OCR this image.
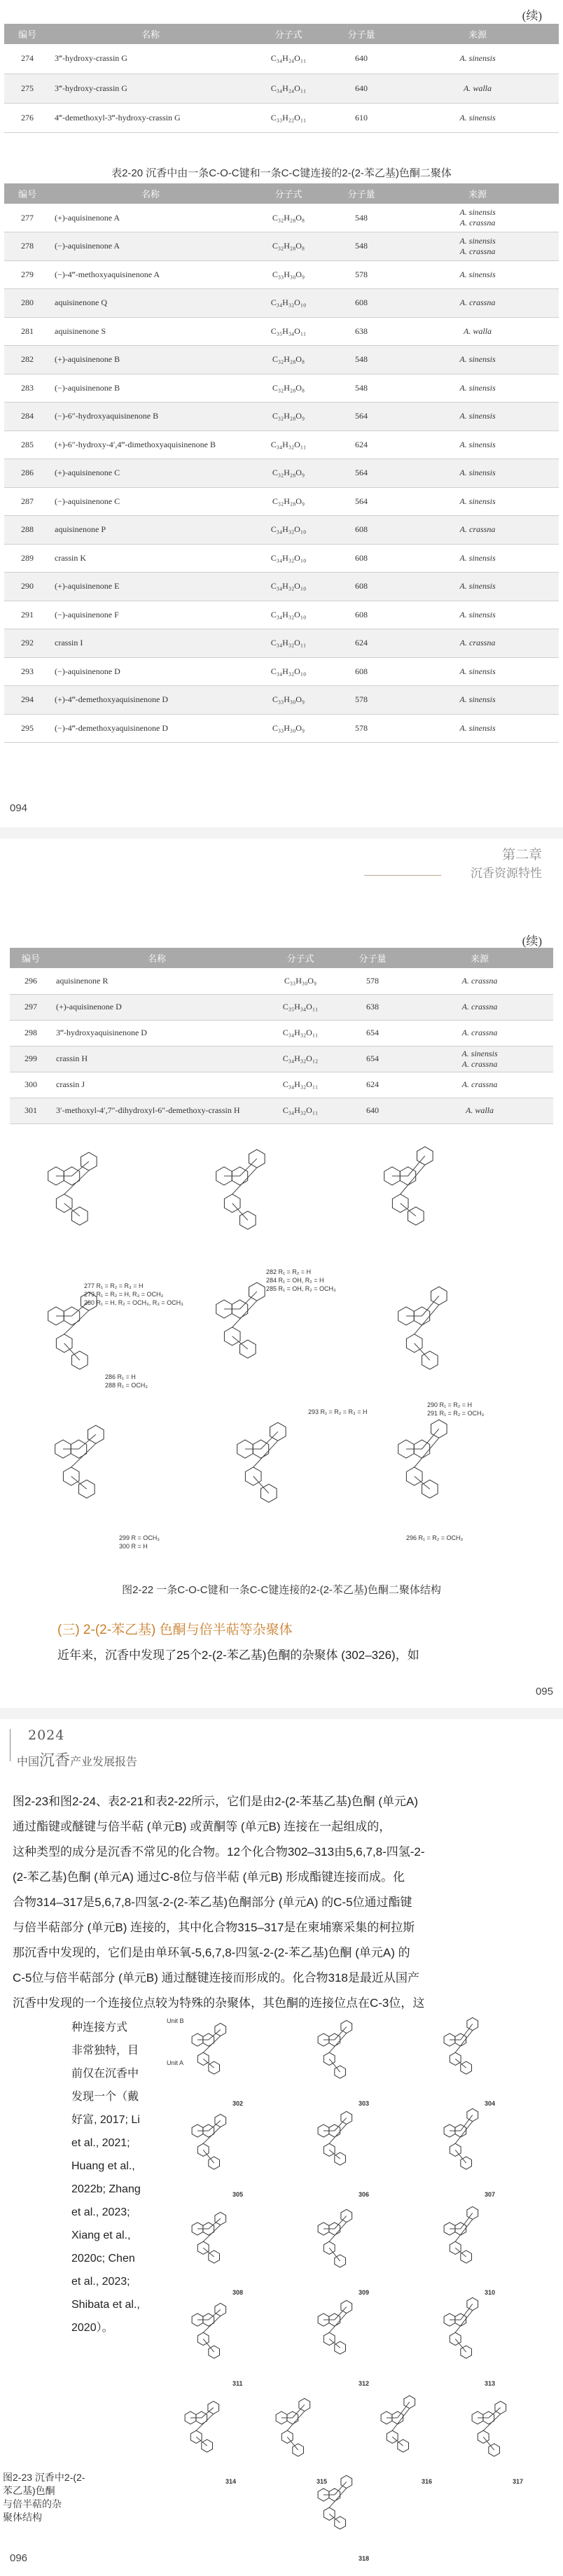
(续)
编号	名称	分子式	分子量	来源
274	3‴-hydroxy-crassin G	C₃₄H₂₄O₁₁	640	A. sinensis

275	3‴-hydroxy-crassin G	C₃₄H₂₄O₁₁	640	A. walla

276	4‴-demethoxyl-3‴-hydroxy-crassin G	C₃₃H₂₂O₁₁	610	A. sinensis
表2-20 沉香中由一条C-O-C键和一条C-C键连接的2-(2-苯乙基)色酮二聚体
编号	名称	分子式	分子量	来源
277	(+)-aquisinenone A	C₃₂H₂₈O₈	548	A. sinensis
A. crassna

278	(−)-aquisinenone A	C₃₂H₂₈O₈	548	A. sinensis
A. crassna

279	(−)-4‴-methoxyaquisinenone A	C₃₃H₃₀O₉	578	A. sinensis

280	aquisinenone Q	C₃₄H₃₂O₁₀	608	A. crassna

281	aquisinenone S	C₃₅H₃₄O₁₁	638	A. walla

282	(+)-aquisinenone B	C₃₂H₂₈O₈	548	A. sinensis

283	(−)-aquisinenone B	C₃₂H₂₈O₈	548	A. sinensis

284	(−)-6″-hydroxyaquisinenone B	C₃₂H₂₈O₉	564	A. sinensis

285	(+)-6″-hydroxy-4′,4‴-dimethoxyaquisinenone B	C₃₄H₃₂O₁₁	624	A. sinensis

286	(+)-aquisinenone C	C₃₂H₂₈O₉	564	A. sinensis

287	(−)-aquisinenone C	C₃₂H₂₈O₉	564	A. sinensis

288	aquisinenone P	C₃₄H₃₂O₁₀	608	A. crassna

289	crassin K	C₃₄H₃₂O₁₀	608	A. sinensis

290	(+)-aquisinenone E	C₃₄H₃₂O₁₀	608	A. sinensis

291	(−)-aquisinenone F	C₃₄H₃₂O₁₀	608	A. sinensis

292	crassin I	C₃₄H₃₂O₁₁	624	A. crassna

293	(−)-aquisinenone D	C₃₄H₃₂O₁₀	608	A. sinensis

294	(+)-4‴-demethoxyaquisinenone D	C₃₃H₃₀O₉	578	A. sinensis

295	(−)-4‴-demethoxyaquisinenone D	C₃₃H₃₀O₉	578	A. sinensis
094
第二章
沉香资源特性
(续)
编号	名称	分子式	分子量	来源
296	aquisinenone R	C₃₃H₃₀O₉	578	A. crassna

297	(+)-aquisinenone D	C₃₅H₃₄O₁₁	638	A. crassna

298	3‴-hydroxyaquisinenone D	C₃₄H₃₂O₁₁	654	A. crassna

299	crassin H	C₃₄H₃₂O₁₂	654	A. sinensis
A. crassna

300	crassin J	C₃₄H₃₂O₁₁	624	A. crassna

301	3′-methoxyl-4′,7″-dihydroxyl-6″-demethoxy-crassin H	C₃₄H₃₂O₁₁	640	A. walla
277 R₁ = R₂ = R₃ = H
279 R₁ = R₂ = H, R₃ = OCH₃
280 R₁ = H, R₂ = OCH₃, R₃ = OCH₃
282 R₁ = R₂ = H
284 R₁ = OH, R₂ = H
285 R₁ = OH, R₂ = OCH₃
286 R₁ = H
288 R₁ = OCH₃
290 R₁ = R₂ = H
291 R₁ = R₂ = OCH₃
293 R₁ = R₂ = R₃ = H
296 R₁ = R₂ = OCH₃
299 R = OCH₃
300 R = H
图2-22 一条C-O-C键和一条C-C键连接的2-(2-苯乙基)色酮二聚体结构
(三) 2-(2-苯乙基) 色酮与倍半萜等杂聚体
近年来，沉香中发现了25个2-(2-苯乙基)色酮的杂聚体 (302–326)，如
095
2024
中国沉香产业发展报告
图2-23和图2-24、表2-21和表2-22所示，它们是由2-(2-苯基乙基)色酮 (单元A)
通过酯键或醚键与倍半萜 (单元B) 或黄酮等 (单元B) 连接在一起组成的，
这种类型的成分是沉香不常见的化合物。12个化合物302–313由5,6,7,8-四氢-2-
(2-苯乙基)色酮 (单元A) 通过C-8位与倍半萜 (单元B) 形成酯键连接而成。化
合物314–317是5,6,7,8-四氢-2-(2-苯乙基)色酮部分 (单元A) 的C-5位通过酯键
与倍半萜部分 (单元B) 连接的，其中化合物315–317是在柬埔寨采集的柯拉斯
那沉香中发现的，它们是由单环氧-5,6,7,8-四氢-2-(2-苯乙基)色酮 (单元A) 的
C-5位与倍半萜部分 (单元B) 通过醚键连接而形成的。化合物318是最近从国产
沉香中发现的一个连接位点较为特殊的杂聚体，其色酮的连接位点在C-3位，这
种连接方式
非常独特，目
前仅在沉香中
发现一个（戴
好富, 2017; Li
et al., 2021;
Huang et al.,
2022b; Zhang
et al., 2023;
Xiang et al.,
2020c; Chen
et al., 2023;
Shibata et al.,
2020）。
302	303	304
305	306	307
308	309	310
311	312	313
314	315	316	317
318
Unit B
Unit A
图2-23 沉香中2-(2-
苯乙基)色酮
与倍半萜的杂
聚体结构
096
